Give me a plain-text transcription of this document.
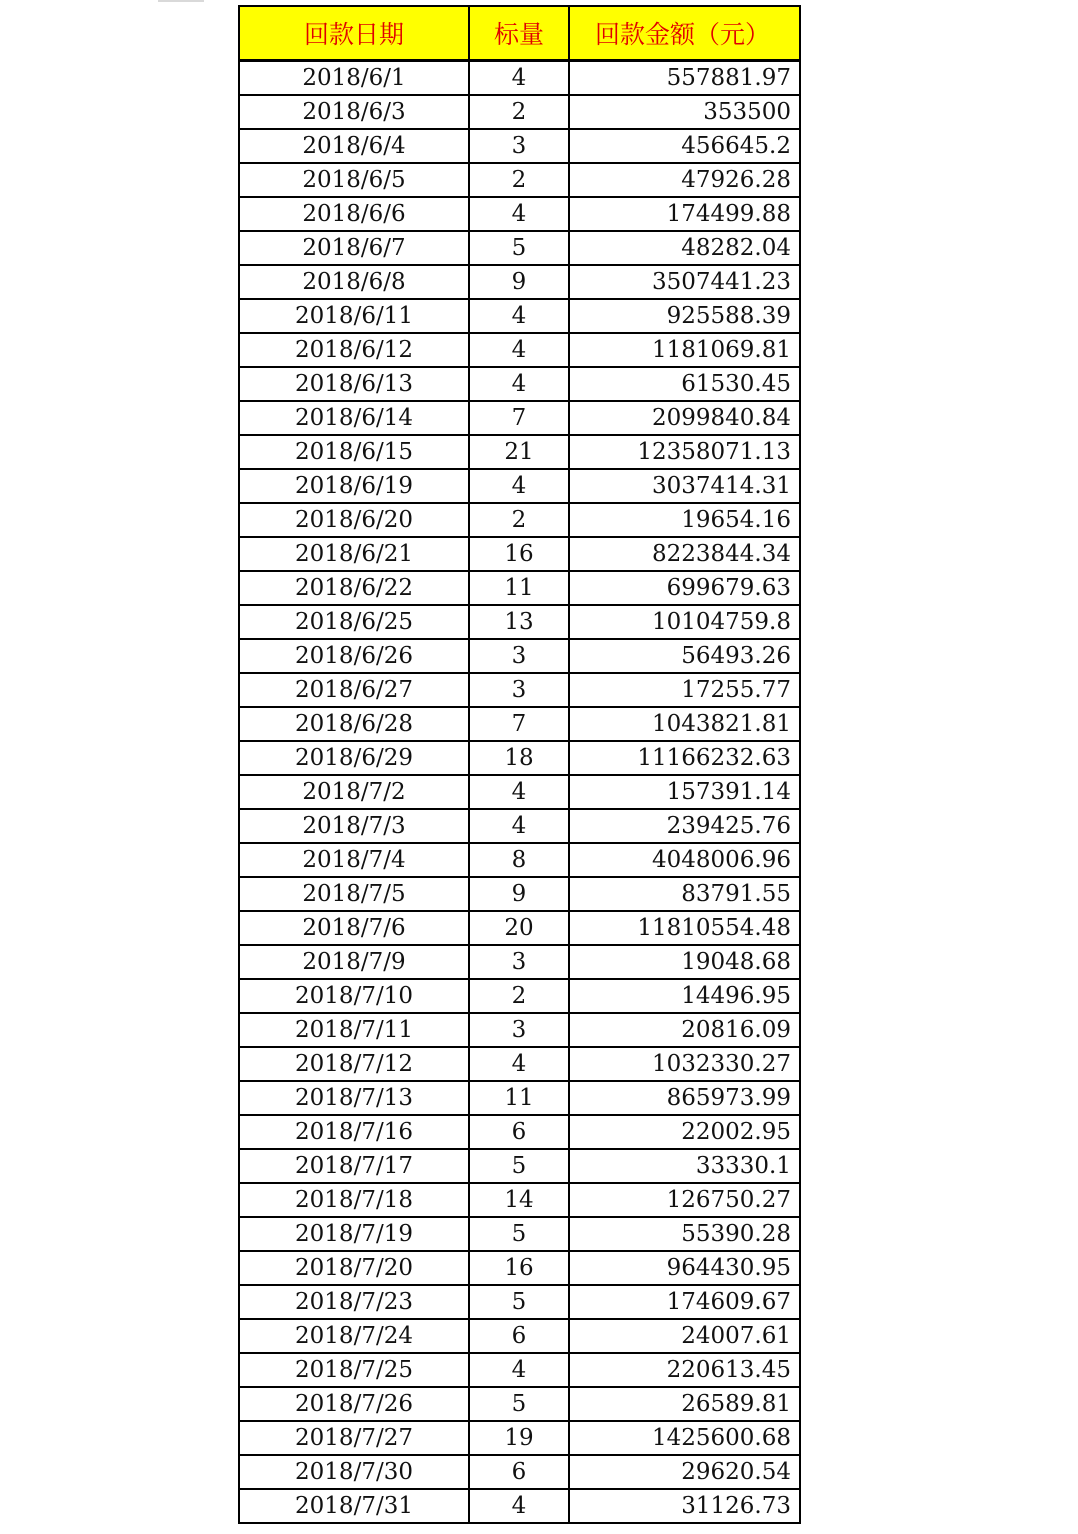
回款日期	标量	回款金额（元）
2018/6/1	4	557881.97
2018/6/3	2	353500
2018/6/4	3	456645.2
2018/6/5	2	47926.28
2018/6/6	4	174499.88
2018/6/7	5	48282.04
2018/6/8	9	3507441.23
2018/6/11	4	925588.39
2018/6/12	4	1181069.81
2018/6/13	4	61530.45
2018/6/14	7	2099840.84
2018/6/15	21	12358071.13
2018/6/19	4	3037414.31
2018/6/20	2	19654.16
2018/6/21	16	8223844.34
2018/6/22	11	699679.63
2018/6/25	13	10104759.8
2018/6/26	3	56493.26
2018/6/27	3	17255.77
2018/6/28	7	1043821.81
2018/6/29	18	11166232.63
2018/7/2	4	157391.14
2018/7/3	4	239425.76
2018/7/4	8	4048006.96
2018/7/5	9	83791.55
2018/7/6	20	11810554.48
2018/7/9	3	19048.68
2018/7/10	2	14496.95
2018/7/11	3	20816.09
2018/7/12	4	1032330.27
2018/7/13	11	865973.99
2018/7/16	6	22002.95
2018/7/17	5	33330.1
2018/7/18	14	126750.27
2018/7/19	5	55390.28
2018/7/20	16	964430.95
2018/7/23	5	174609.67
2018/7/24	6	24007.61
2018/7/25	4	220613.45
2018/7/26	5	26589.81
2018/7/27	19	1425600.68
2018/7/30	6	29620.54
2018/7/31	4	31126.73
